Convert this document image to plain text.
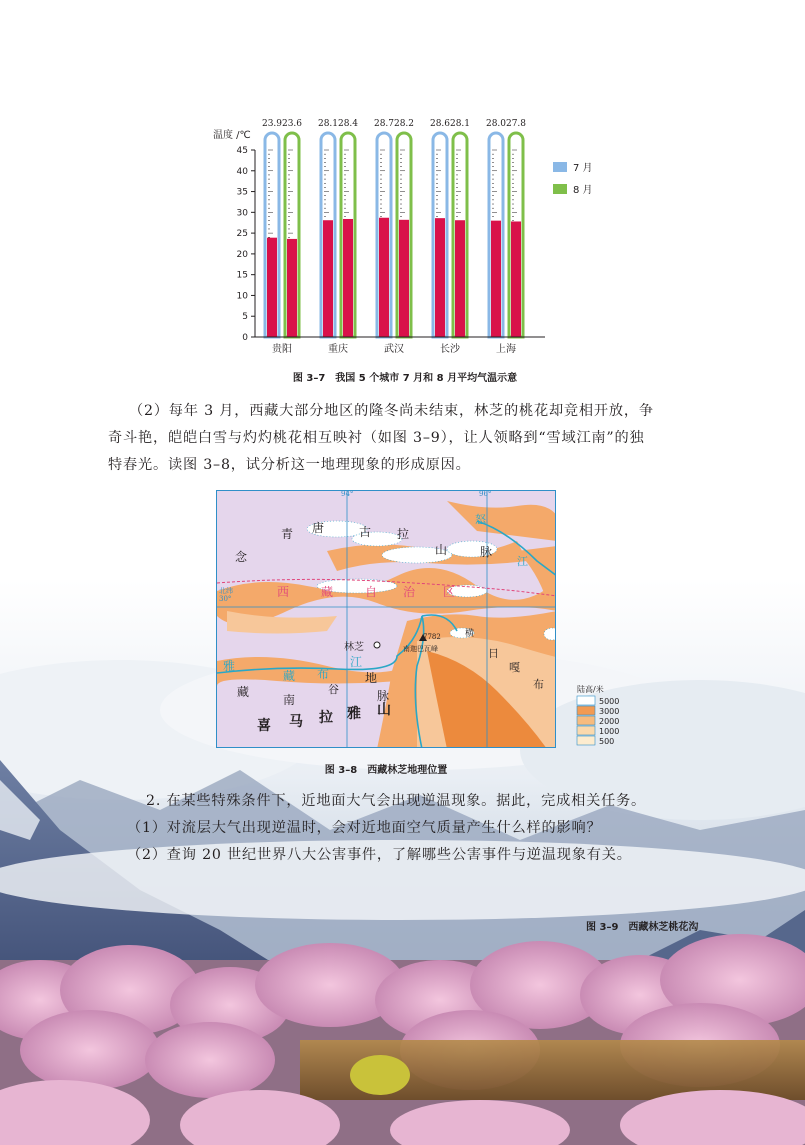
温度 /℃
0
5
10
15
20
25
30
35
40
45
贵阳	重庆	武汉	长沙	上海
23.9 23.6 28.1 28.4 28.7 28.2 28.6 28.1 28.0 27.8
7 月
8 月
图 3–7　我国 5 个城市 7 月和 8 月平均气温示意
（2）每年 3 月，西藏大部分地区的隆冬尚未结束，林芝的桃花却竞相开放，争
奇斗艳，皑皑白雪与灼灼桃花相互映衬（如图 3–9），让人领略到“雪域江南”的独
特春光。读图 3–8，试分析这一地理现象的形成原因。
念
青 唐	古 拉
山	脉
西	藏	自 治 区
林芝	南迦巴瓦峰
7782	横
日
嘎
布
雅
藏 布
江
藏
南
谷
地
脉
喜 马 拉 雅 山
94°	96°
北纬30°
怒
江
陆高/米
5000
3000
2000
1000
500
图 3–8　西藏林芝地理位置
2. 在某些特殊条件下，近地面大气会出现逆温现象。据此，完成相关任务。
（1）对流层大气出现逆温时，会对近地面空气质量产生什么样的影响？
（2）查询 20 世纪世界八大公害事件，了解哪些公害事件与逆温现象有关。
图 3–9　西藏林芝桃花沟
